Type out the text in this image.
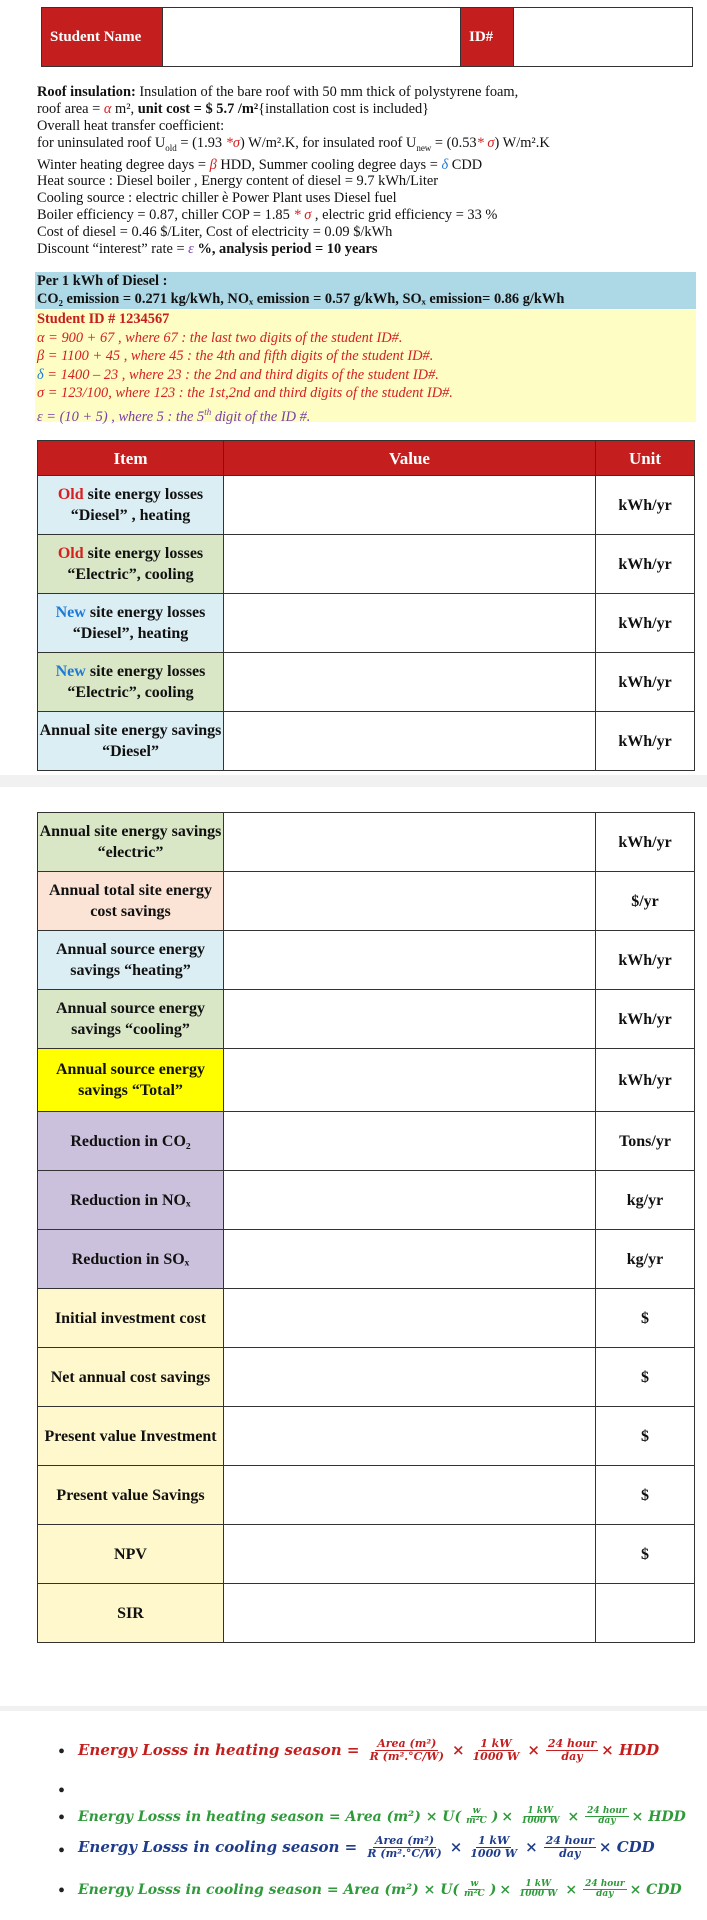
Student Name	ID#
Roof insulation: Insulation of the bare roof with 50 mm thick of polystyrene foam,
roof area = α m², unit cost = $ 5.7 /m²{installation cost is included}
Overall heat transfer coefficient:
for uninsulated roof $U_{old} = (1.93$ *σ) W/m².K, for insulated roof $U_{new} = (0.53*$ σ) W/m².K
Winter heating degree days = β HDD, Summer cooling degree days = δ CDD
Heat source : Diesel boiler , Energy content of diesel = 9.7 kWh/Liter
Cooling source : electric chiller è Power Plant uses Diesel fuel
Boiler efficiency = 0.87, chiller COP = 1.85 * σ , electric grid efficiency = 33 %
Cost of diesel = 0.46 $/Liter, Cost of electricity = 0.09 $/kWh
Discount “interest” rate = ε %, analysis period = 10 years
Per 1 kWh of Diesel :
CO₂ emission = 0.271 kg/kWh, NOₓ emission = 0.57 g/kWh, SOₓ emission= 0.86 g/kWh
Student ID # 1234567
α = 900 + 67 , where 67 : the last two digits of the student ID#.
β = 1100 + 45 , where 45 : the 4th and fifth digits of the student ID#.
δ = 1400 – 23 , where 23 : the 2nd and third digits of the student ID#.
σ = 123/100, where 123 : the 1st,2nd and third digits of the student ID#.
ε = (10 + 5) , where 5 : the 5th digit of the ID #.
Item	Value	Unit
Old site energy losses “Diesel” , heating		kWh/yr
Old site energy losses “Electric”, cooling		kWh/yr
New site energy losses “Diesel”, heating		kWh/yr
New site energy losses “Electric”, cooling		kWh/yr
Annual site energy savings “Diesel”		kWh/yr
Annual site energy savings “electric”		kWh/yr
Annual total site energy cost savings		$/yr
Annual source energy savings “heating”		kWh/yr
Annual source energy savings “cooling”		kWh/yr
Annual source energy savings “Total”		kWh/yr
Reduction in CO₂		Tons/yr
Reduction in NOₓ		kg/yr
Reduction in SOₓ		kg/yr
Initial investment cost		$
Net annual cost savings		$
Present value Investment		$
Present value Savings		$
NPV		$
SIR		
•
•
•
•
•
Energy Losss in heating season = $\frac{\text{Area (m²)}}{\text{R (m².°C/W)}} \times \frac{1 kW}{1000 W} \times \frac{\text{24 hour}}{\text{day}}$ × HDD
Energy Losss in heating season = Area $(m^2) \times U( \frac{w}{\text{m²C}}$ ) × $\frac{1 kW}{1000 W} \times \frac{\text{24 hour}}{\text{day}}$ × HDD
Energy Losss in cooling season = $\frac{\text{Area (m²)}}{\text{R (m².°C/W)}} \times \frac{1 kW}{1000 W} \times \frac{\text{24 hour}}{\text{day}}$ × CDD
Energy Losss in cooling season = Area $(m^2) \times U( \frac{w}{\text{m²C}}$ ) × $\frac{1 kW}{1000 W} \times \frac{\text{24 hour}}{\text{day}}$ × CDD
